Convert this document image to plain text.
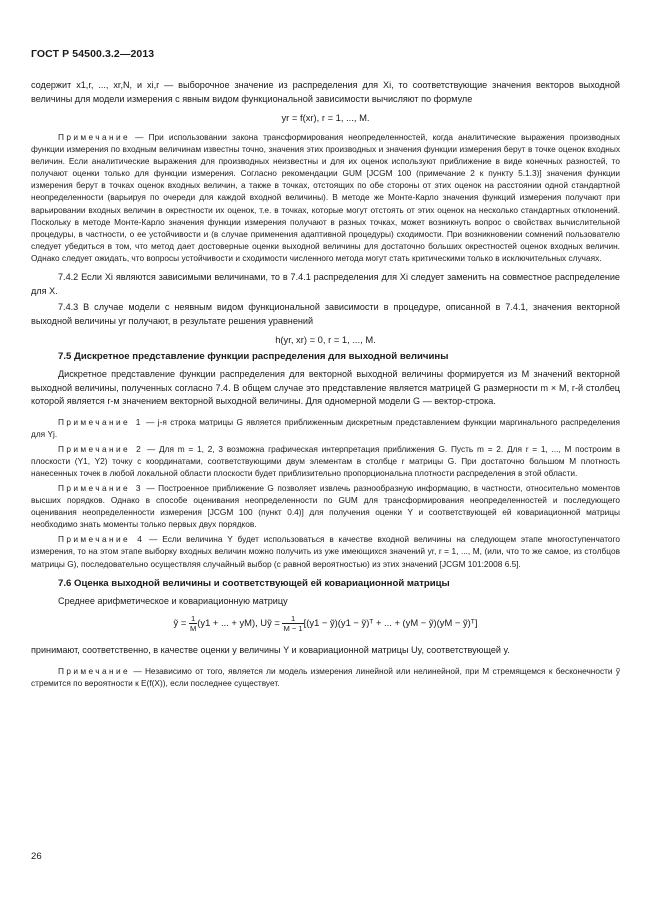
ГОСТ Р 54500.3.2—2013

содержит x1,r, ..., xr,N, и xi,r — выборочное значение из распределения для Xi, то соответствующие значения векторов выходной величины для модели измерения с явным видом функциональной зависимости вычисляют по формуле

yr = f(xr), r = 1, ..., M.

Примечание — При использовании закона трансформирования неопределенностей, когда аналитические выражения производных функции измерения по входным величинам известны точно, значения этих производных и значения функции измерения берут в точке оценок входных величин. Если аналитические выражения для производных неизвестны и для их оценок используют приближение в виде конечных разностей, то получают оценки только для функции измерения. Согласно рекомендации GUM [JCGM 100 (примечание 2 к пункту 5.1.3)] значения функции измерения берут в точках оценок входных величин, а также в точках, отстоящих по обе стороны от этих оценок на расстоянии одной стандартной неопределенности (варьируя по очереди для каждой входной величины). В методе же Монте-Карло значения функций измерения получают при варьировании входных величин в окрестности их оценок, т.е. в точках, которые могут отстоять от этих оценок на несколько стандартных отклонений. Поскольку в методе Монте-Карло значения функции измерения получают в разных точках, может возникнуть вопрос о свойствах вычислительной процедуры, в частности, о ее устойчивости и (в случае применения адаптивной процедуры) сходимости. При возникновении сомнений пользователю следует убедиться в том, что метод дает достоверные оценки выходной величины для достаточно больших окрестностей оценок входных величин. Однако следует ожидать, что вопросы устойчивости и сходимости численного метода могут стать критическими только в исключительных случаях.

7.4.2 Если Xi являются зависимыми величинами, то в 7.4.1 распределения для Xi следует заменить на совместное распределение для X.

7.4.3 В случае модели с неявным видом функциональной зависимости в процедуре, описанной в 7.4.1, значения векторной выходной величины yr получают, в результате решения уравнений

h(yr, xr) = 0, r = 1, ..., M.

7.5 Дискретное представление функции распределения для выходной величины

Дискретное представление функции распределения для векторной выходной величины формируется из M значений векторной выходной величины, полученных согласно 7.4. В общем случае это представление является матрицей G размерности m × M, r-й столбец которой является r-м значением векторной выходной величины. Для одномерной модели G — вектор-строка.

Примечание 1 — j-я строка матрицы G является приближенным дискретным представлением функции маргинального распределения для Yj.

Примечание 2 — Для m = 1, 2, 3 возможна графическая интерпретация приближения G. Пусть m = 2. Для r = 1, ..., M построим в плоскости (Y1, Y2) точку с координатами, соответствующими двум элементам в столбце r матрицы G. При достаточно большом M плотность нанесенных точек в любой локальной области плоскости будет приблизительно пропорциональна плотности распределения в этой области.

Примечание 3 — Построенное приближение G позволяет извлечь разнообразную информацию, в частности, относительно моментов высших порядков. Однако в способе оценивания неопределенности по GUM для трансформирования неопределенностей и последующего оценивания неопределенности измерения [JCGM 100 (пункт 0.4)] для получения оценки Y и соответствующей ей ковариационной матрицы необходимо знать моменты только первых двух порядков.

Примечание 4 — Если величина Y будет использоваться в качестве входной величины на следующем этапе многоступенчатого измерения, то на этом этапе выборку входных величин можно получить из уже имеющихся значений yr, r = 1, ..., M, (или, что то же самое, из столбцов матрицы G), последовательно осуществляя случайный выбор (с равной вероятностью) из этих значений [JCGM 101:2008 6.5].

7.6 Оценка выходной величины и соответствующей ей ковариационной матрицы

Среднее арифметическое и ковариационную матрицу

ỹ = $\frac{1}{M} (y1$ + ... + yM), Uỹ = $\frac{1}{M - 1} [(y1$ − ỹ)(y1 − ỹ)ᵀ + ... + (yM − ỹ)(yM − ỹ)ᵀ]

принимают, соответственно, в качестве оценки y величины Y и ковариационной матрицы Uy, соответствующей y.

Примечание — Независимо от того, является ли модель измерения линейной или нелинейной, при M стремящемся к бесконечности ỹ стремится по вероятности к E(f(X)), если последнее существует.

26
